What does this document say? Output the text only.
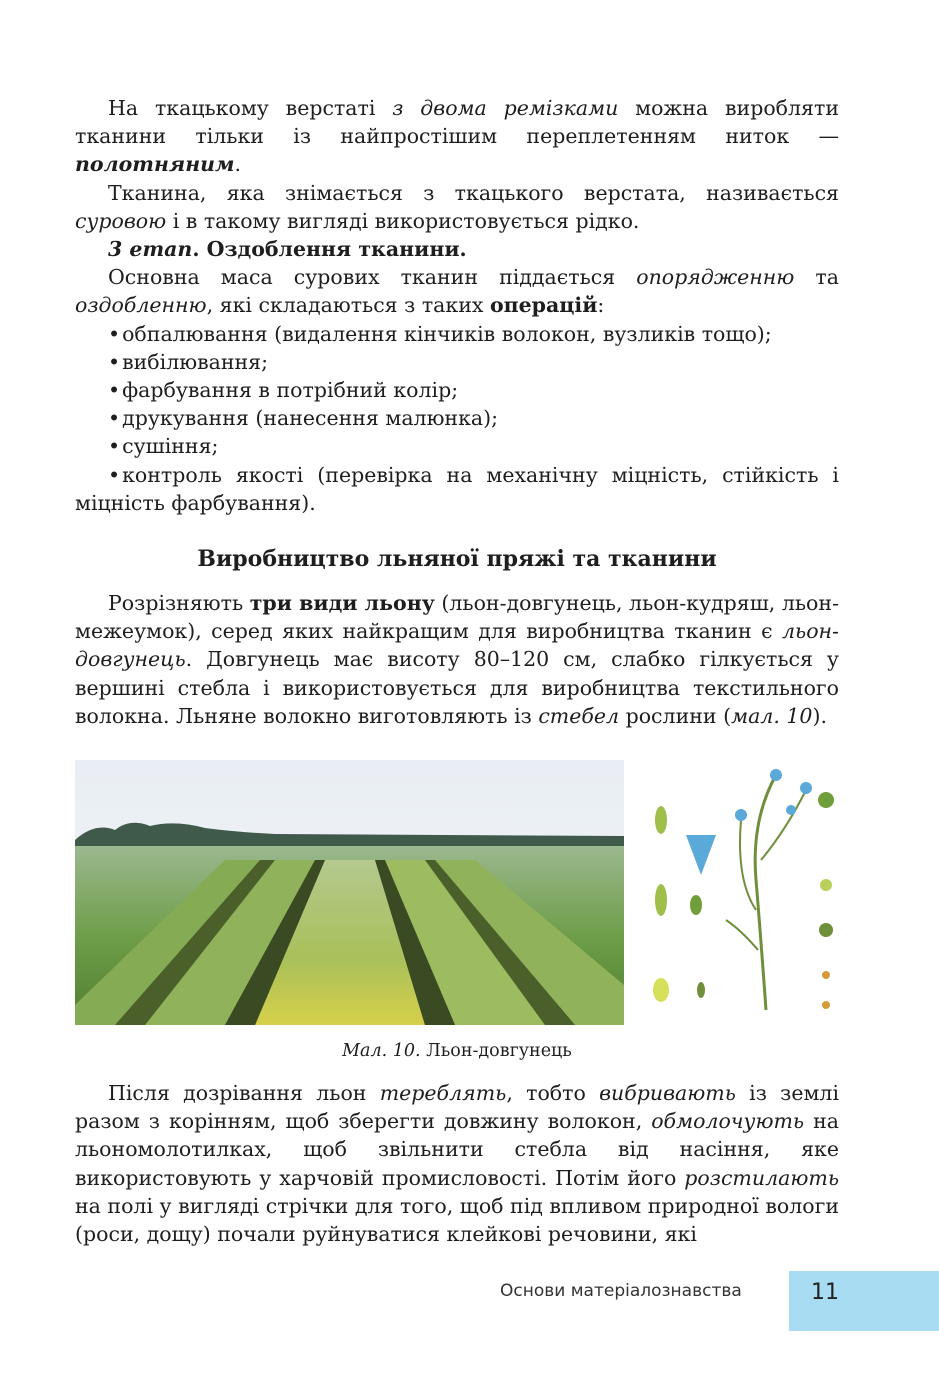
На ткацькому верстаті з двома ремізками можна виробляти тканини тільки із найпростішим переплетенням ниток — полотняним.

Тканина, яка знімається з ткацького верстата, називається суровою і в такому вигляді використовується рідко.

3 етап. Оздоблення тканини.

Основна маса сурових тканин піддається опорядженню та оздобленню, які складаються з таких операцій:

•обпалювання (видалення кінчиків волокон, вузликів тощо);

•вибілювання;

•фарбування в потрібний колір;

•друкування (нанесення малюнка);

•сушіння;

•контроль якості (перевірка на механічну міцність, стійкість і міцність фарбування).

Виробництво льняної пряжі та тканини

Розрізняють три види льону (льон-довгунець, льон-кудряш, льон-межеумок), серед яких найкращим для виробництва тканин є льон-довгунець. Довгунець має висоту 80–120 см, слабко гілкується у вершині стебла і використовується для виробництва текстильного волокна. Льняне волокно виготовляють із стебел рослини (мал. 10).

Мал. 10. Льон-довгунець

Після дозрівання льон тереблять, тобто вибривають із землі разом з корінням, щоб зберегти довжину волокон, обмолочують на льономолотилках, щоб звільнити стебла від насіння, яке використовують у харчовій промисловості. Потім його розстилають на полі у вигляді стрічки для того, щоб під впливом природної вологи (роси, дощу) почали руйнуватися клейкові речовини, які

Основи матеріалознавства	11
